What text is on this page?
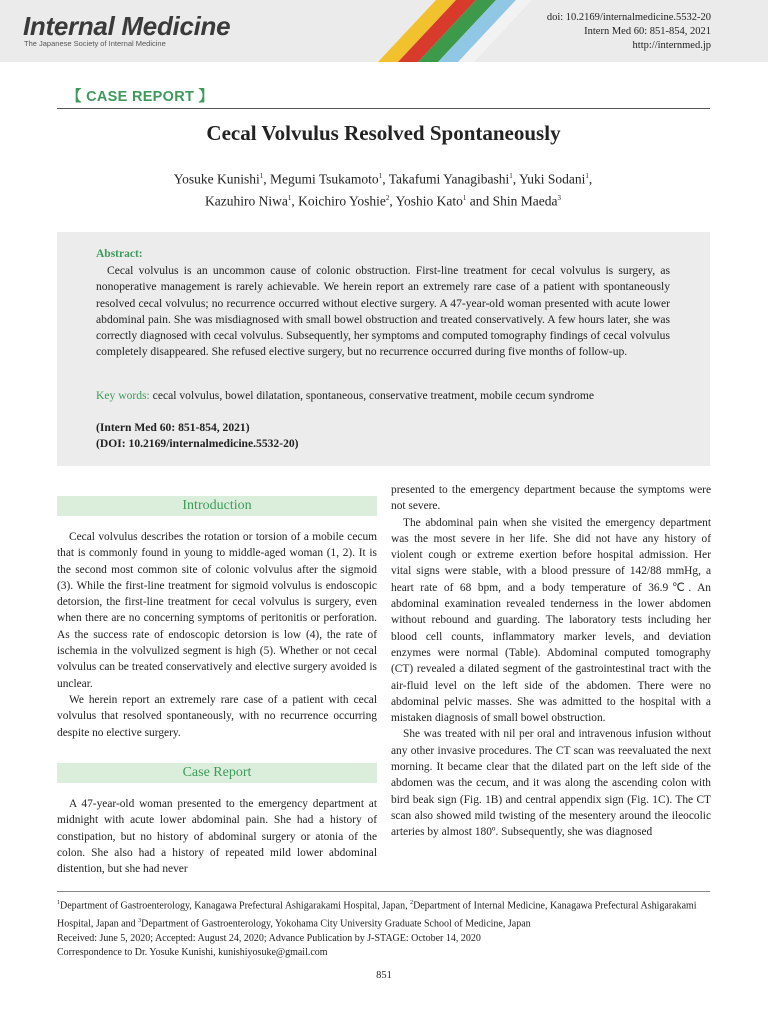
Internal Medicine
The Japanese Society of Internal Medicine
doi: 10.2169/internalmedicine.5532-20
Intern Med 60: 851-854, 2021
http://internmed.jp
【 CASE REPORT 】
Cecal Volvulus Resolved Spontaneously
Yosuke Kunishi$^1$, Megumi Tsukamoto$^1$, Takafumi Yanagibashi$^1$, Yuki Sodani$^1$,
Kazuhiro Niwa$^1$, Koichiro Yoshie$^2$, Yoshio Kato$^1$ and Shin Maeda$^3$
Abstract:
Cecal volvulus is an uncommon cause of colonic obstruction. First-line treatment for cecal volvulus is surgery, as nonoperative management is rarely achievable. We herein report an extremely rare case of a patient with spontaneously resolved cecal volvulus; no recurrence occurred without elective surgery. A 47-year-old woman presented with acute lower abdominal pain. She was misdiagnosed with small bowel obstruction and treated conservatively. A few hours later, she was correctly diagnosed with cecal volvulus. Subsequently, her symptoms and computed tomography findings of cecal volvulus completely disappeared. She refused elective surgery, but no recurrence occurred during five months of follow-up.
Key words: cecal volvulus, bowel dilatation, spontaneous, conservative treatment, mobile cecum syndrome
(Intern Med 60: 851-854, 2021)
(DOI: 10.2169/internalmedicine.5532-20)
Introduction

Cecal volvulus describes the rotation or torsion of a mobile cecum that is commonly found in young to middle-aged woman (1, 2). It is the second most common site of colonic volvulus after the sigmoid (3). While the first-line treatment for sigmoid volvulus is endoscopic detorsion, the first-line treatment for cecal volvulus is surgery, even when there are no concerning symptoms of peritonitis or perforation. As the success rate of endoscopic detorsion is low (4), the rate of ischemia in the volvulized segment is high (5). Whether or not cecal volvulus can be treated conservatively and elective surgery avoided is unclear.

We herein report an extremely rare case of a patient with cecal volvulus that resolved spontaneously, with no recurrence occurring despite no elective surgery.

Case Report

A 47-year-old woman presented to the emergency department at midnight with acute lower abdominal pain. She had a history of constipation, but no history of abdominal surgery or atonia of the colon. She also had a history of repeated mild lower abdominal distention, but she had never

presented to the emergency department because the symptoms were not severe.

The abdominal pain when she visited the emergency department was the most severe in her life. She did not have any history of violent cough or extreme exertion before hospital admission. Her vital signs were stable, with a blood pressure of 142/88 mmHg, a heart rate of 68 bpm, and a body temperature of 36.9℃. An abdominal examination revealed tenderness in the lower abdomen without rebound and guarding. The laboratory tests including her blood cell counts, inflammatory marker levels, and deviation enzymes were normal (Table). Abdominal computed tomography (CT) revealed a dilated segment of the gastrointestinal tract with the air-fluid level on the left side of the abdomen. There were no abdominal pelvic masses. She was admitted to the hospital with a mistaken diagnosis of small bowel obstruction.

She was treated with nil per oral and intravenous infusion without any other invasive procedures. The CT scan was reevaluated the next morning. It became clear that the dilated part on the left side of the abdomen was the cecum, and it was along the ascending colon with bird beak sign (Fig. 1B) and central appendix sign (Fig. 1C). The CT scan also showed mild twisting of the mesentery around the ileocolic arteries by almost 180º. Subsequently, she was diagnosed

$^1$Department of Gastroenterology, Kanagawa Prefectural Ashigarakami Hospital, Japan, $^2$Department of Internal Medicine, Kanagawa Prefectural Ashigarakami Hospital, Japan and $^3$Department of Gastroenterology, Yokohama City University Graduate School of Medicine, Japan
Received: June 5, 2020; Accepted: August 24, 2020; Advance Publication by J-STAGE: October 14, 2020
Correspondence to Dr. Yosuke Kunishi, kunishiyosuke@gmail.com
851
